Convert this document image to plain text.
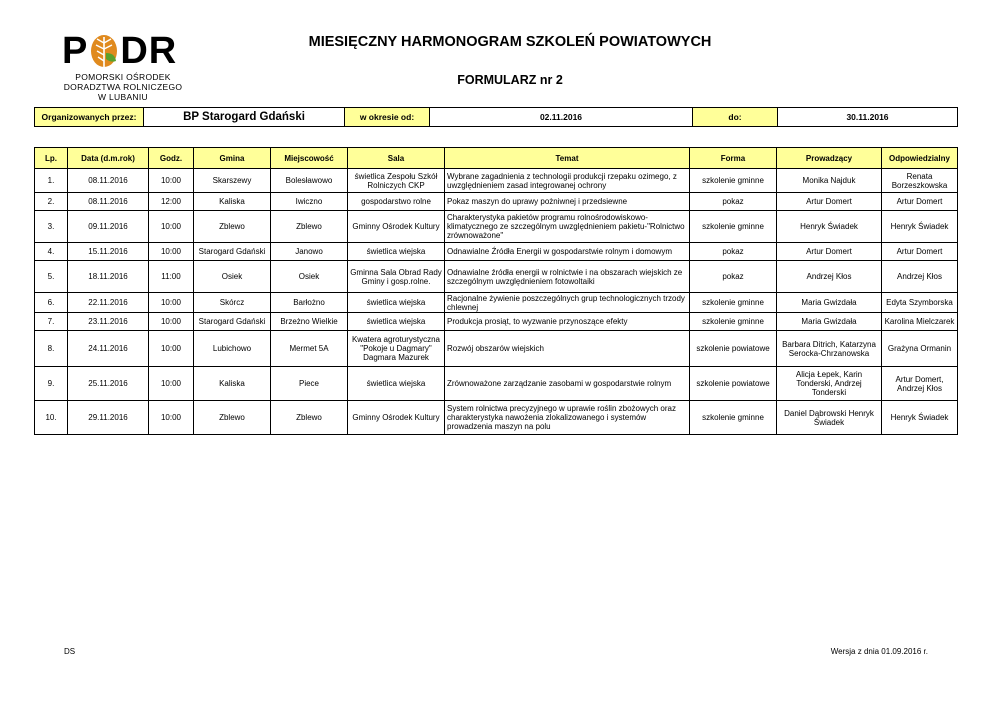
P DR
POMORSKI OŚRODEK
DORADZTWA ROLNICZEGO
W LUBANIU
MIESIĘCZNY HARMONOGRAM SZKOLEŃ POWIATOWYCH
FORMULARZ nr 2
Organizowanych przez:	BP Starogard Gdański	w okresie od:	02.11.2016	do:	30.11.2016
Lp.	Data (d.m.rok)	Godz.	Gmina	Miejscowość	Sala	Temat	Forma	Prowadzący	Odpowiedzialny
1.	08.11.2016	10:00	Skarszewy	Bolesławowo	świetlica Zespołu Szkół Rolniczych CKP	Wybrane zagadnienia z technologii produkcji rzepaku ozimego, z uwzględnieniem zasad integrowanej ochrony	szkolenie gminne	Monika Najduk	Renata Borzeszkowska
2.	08.11.2016	12:00	Kaliska	Iwiczno	gospodarstwo rolne	Pokaz maszyn do uprawy pożniwnej i przedsiewne	pokaz	Artur Domert	Artur Domert
3.	09.11.2016	10:00	Zblewo	Zblewo	Gminny Ośrodek Kultury	Charakterystyka pakietów programu rolnośrodowiskowo-klimatycznego ze szczególnym uwzględnieniem pakietu-"Rolnictwo zrównoważone"	szkolenie gminne	Henryk Świadek	Henryk Świadek
4.	15.11.2016	10:00	Starogard Gdański	Janowo	świetlica wiejska	Odnawialne Źródła Energii w gospodarstwie rolnym i domowym	pokaz	Artur Domert	Artur Domert
5.	18.11.2016	11:00	Osiek	Osiek	Gminna Sala Obrad Rady Gminy i gosp.rolne.	Odnawialne źródła energii w rolnictwie i na obszarach wiejskich ze szczególnym uwzględnieniem fotowoltaiki	pokaz	Andrzej Kłos	Andrzej Kłos
6.	22.11.2016	10:00	Skórcz	Barłożno	świetlica wiejska	Racjonalne żywienie poszczególnych grup technologicznych trzody chlewnej	szkolenie gminne	Maria Gwizdała	Edyta Szymborska
7.	23.11.2016	10:00	Starogard Gdański	Brzeżno Wielkie	świetlica wiejska	Produkcja prosiąt, to wyzwanie przynoszące efekty	szkolenie gminne	Maria Gwizdała	Karolina Mielczarek
8.	24.11.2016	10:00	Lubichowo	Mermet 5A	Kwatera agroturystyczna "Pokoje u Dagmary" Dagmara Mazurek	Rozwój obszarów wiejskich	szkolenie powiatowe	Barbara Ditrich, Katarzyna Serocka-Chrzanowska	Grażyna Ormanin
9.	25.11.2016	10:00	Kaliska	Piece	świetlica wiejska	Zrównoważone zarządzanie zasobami w gospodarstwie rolnym	szkolenie powiatowe	Alicja Łepek, Karin Tonderski, Andrzej Tonderski	Artur Domert, Andrzej Kłos
10.	29.11.2016	10:00	Zblewo	Zblewo	Gminny Ośrodek Kultury	System rolnictwa precyzyjnego w uprawie roślin zbożowych oraz charakterystyka nawożenia zlokalizowanego i systemów prowadzenia maszyn na polu	szkolenie gminne	Daniel Dąbrowski Henryk Świadek	Henryk Świadek
DS	Wersja z dnia 01.09.2016 r.
